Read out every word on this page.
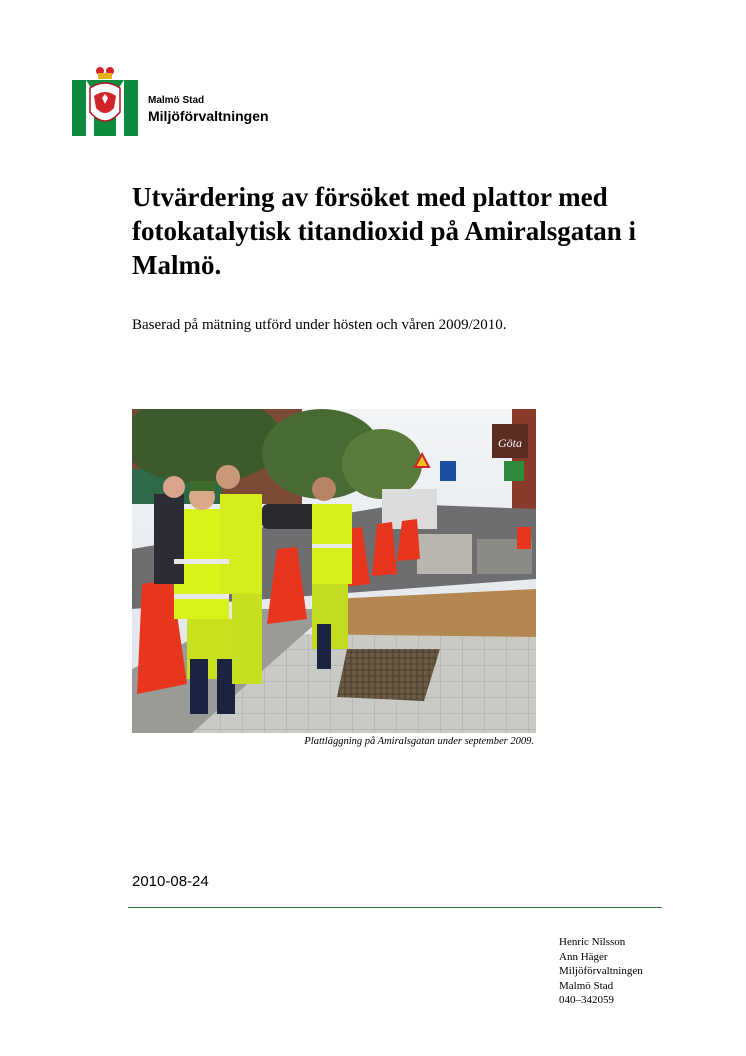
Malmö Stad
Miljöförvaltningen
Utvärdering av försöket med plattor med fotokatalytisk titandioxid på Amiralsgatan i Malmö.
Baserad på mätning utförd under hösten och våren 2009/2010.
Göta
Plattläggning på Amiralsgatan under september 2009.
2010-08-24
Henric Nilsson
Ann Häger
Miljöförvaltningen
Malmö Stad
040–342059
